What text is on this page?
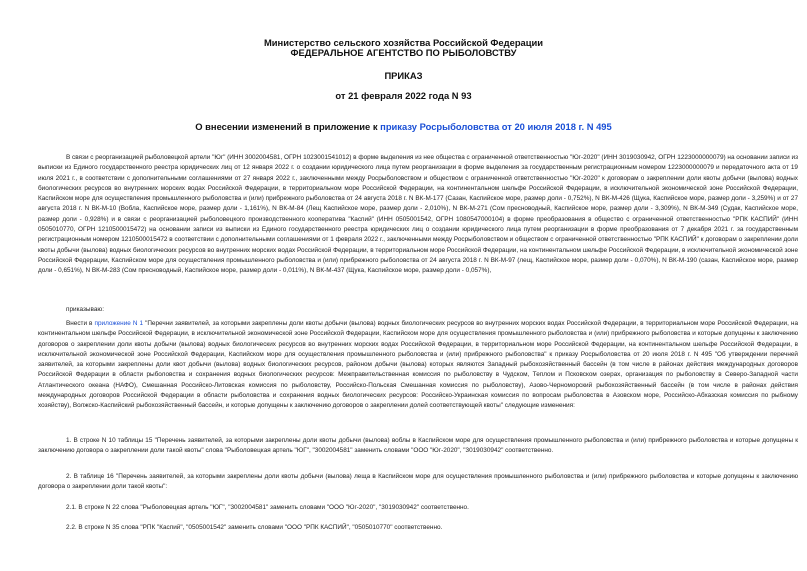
Министерство сельского хозяйства Российской Федерации
ФЕДЕРАЛЬНОЕ АГЕНТСТВО ПО РЫБОЛОВСТВУ
ПРИКАЗ
от 21 февраля 2022 года N 93
О внесении изменений в приложение к приказу Росрыболовства от 20 июля 2018 г. N 495

В связи с реорганизацией рыболовецкой артели "Юг" (ИНН 3002004581, ОГРН 1023001541012) в форме выделения из нее общества с ограниченной ответственностью "Юг-2020" (ИНН 3019030942, ОГРН 1223000000079) на основании записи из выписки из Единого государственного реестра юридических лиц от 12 января 2022 г. о создании юридического лица путем реорганизации в форме выделения за государственным регистрационным номером 1223000000079 и передаточного акта от 19 июля 2021 г., в соответствии с дополнительными соглашениями от 27 января 2022 г., заключенными между Росрыболовством и обществом с ограниченной ответственностью "Юг-2020" к договорам о закреплении доли квоты добычи (вылова) водных биологических ресурсов во внутренних морских водах Российской Федерации, в территориальном море Российской Федерации, на континентальном шельфе Российской Федерации, в исключительной экономической зоне Российской Федерации, Каспийском море для осуществления промышленного рыболовства и (или) прибрежного рыболовства от 24 августа 2018 г. N ВК-М-177 (Сазан, Каспийское море, размер доли - 0,752%), N ВК-М-426 (Щука, Каспийское море, размер доли - 3,259%) и от 27 августа 2018 г. N ВК-М-10 (Вобла, Каспийское море, размер доли - 1,161%), N ВК-М-84 (Лещ Каспийское море, размер доли - 2,010%), N ВК-М-271 (Сом пресноводный, Каспийское море, размер доли - 3,309%), N ВК-М-349 (Судак, Каспийское море, размер доли - 0,928%) и в связи с реорганизацией рыболовецкого производственного кооператива "Каспий" (ИНН 0505001542, ОГРН 1080547000104) в форме преобразования в общество с ограниченной ответственностью "РПК КАСПИЙ" (ИНН 0505010770, ОГРН 1210500015472) на основании записи из выписки из Единого государственного реестра юридических лиц о создании юридического лица путем реорганизации в форме преобразования от 7 декабря 2021 г. за государственным регистрационным номером 1210500015472 в соответствии с дополнительными соглашениями от 1 февраля 2022 г., заключенными между Росрыболовством и обществом с ограниченной ответственностью "РПК КАСПИЙ" к договорам о закреплении доли квоты добычи (вылова) водных биологических ресурсов во внутренних морских водах Российской Федерации, в территориальном море Российской Федерации, на континентальном шельфе Российской Федерации, в исключительной экономической зоне Российской Федерации, Каспийском море для осуществления промышленного рыболовства и (или) прибрежного рыболовства от 24 августа 2018 г. N ВК-М-97 (лещ, Каспийское море, размер доли - 0,070%), N ВК-М-190 (сазан, Каспийское море, размер доли - 0,651%), N ВК-М-283 (Сом пресноводный, Каспийское море, размер доли - 0,011%), N ВК-М-437 (Щука, Каспийское море, размер доли - 0,057%),

приказываю:

Внести в приложение N 1 "Перечни заявителей, за которыми закреплены доли квоты добычи (вылова) водных биологических ресурсов во внутренних морских водах Российской Федерации, в территориальном море Российской Федерации, на континентальном шельфе Российской Федерации, в исключительной экономической зоне Российской Федерации, Каспийском море для осуществления промышленного рыболовства и (или) прибрежного рыболовства и которые допущены к заключению договоров о закреплении доли квоты добычи (вылова) водных биологических ресурсов во внутренних морских водах Российской Федерации, в территориальном море Российской Федерации, на континентальном шельфе Российской Федерации, в исключительной экономической зоне Российской Федерации, Каспийском море для осуществления промышленного рыболовства и (или) прибрежного рыболовства" к приказу Росрыболовства от 20 июля 2018 г. N 495 "Об утверждении перечней заявителей, за которыми закреплены доли квот добычи (вылова) водных биологических ресурсов, районом добычи (вылова) которых являются Западный рыбохозяйственный бассейн (в том числе в районах действия международных договоров Российской Федерации в области рыболовства и сохранения водных биологических ресурсов: Межправительственная комиссия по рыболовству в Чудском, Теплом и Псковском озерах, организация по рыболовству в Северо-Западной части Атлантического океана (НАФО), Смешанная Российско-Литовская комиссия по рыболовству, Российско-Польская Смешанная комиссия по рыболовству), Азово-Черноморский рыбохозяйственный бассейн (в том числе в районах действия международных договоров Российской Федерации в области рыболовства и сохранения водных биологических ресурсов: Российско-Украинская комиссия по вопросам рыболовства в Азовском море, Российско-Абхазская комиссия по рыбному хозяйству), Волжско-Каспийский рыбохозяйственный бассейн, и которые допущены к заключению договоров о закреплении долей соответствующей квоты" следующие изменения:

1. В строке N 10 таблицы 15 "Перечень заявителей, за которыми закреплены доли квоты добычи (вылова) воблы в Каспийском море для осуществления промышленного рыболовства и (или) прибрежного рыболовства и которые допущены к заключению договора о закреплении доли такой квоты" слова "Рыболовецкая артель "ЮГ", "3002004581" заменить словами "ООО "Юг-2020", "3019030942" соответственно.

2. В таблице 16 "Перечень заявителей, за которыми закреплены доли квоты добычи (вылова) леща в Каспийском море для осуществления промышленного рыболовства и (или) прибрежного рыболовства и которые допущены к заключению договора о закреплении доли такой квоты":

2.1. В строке N 22 слова "Рыболовецкая артель "ЮГ", "3002004581" заменить словами "ООО "Юг-2020", "3019030942" соответственно.

2.2. В строке N 35 слова "РПК "Каспий", "0505001542" заменить словами "ООО "РПК КАСПИЙ", "0505010770" соответственно.
